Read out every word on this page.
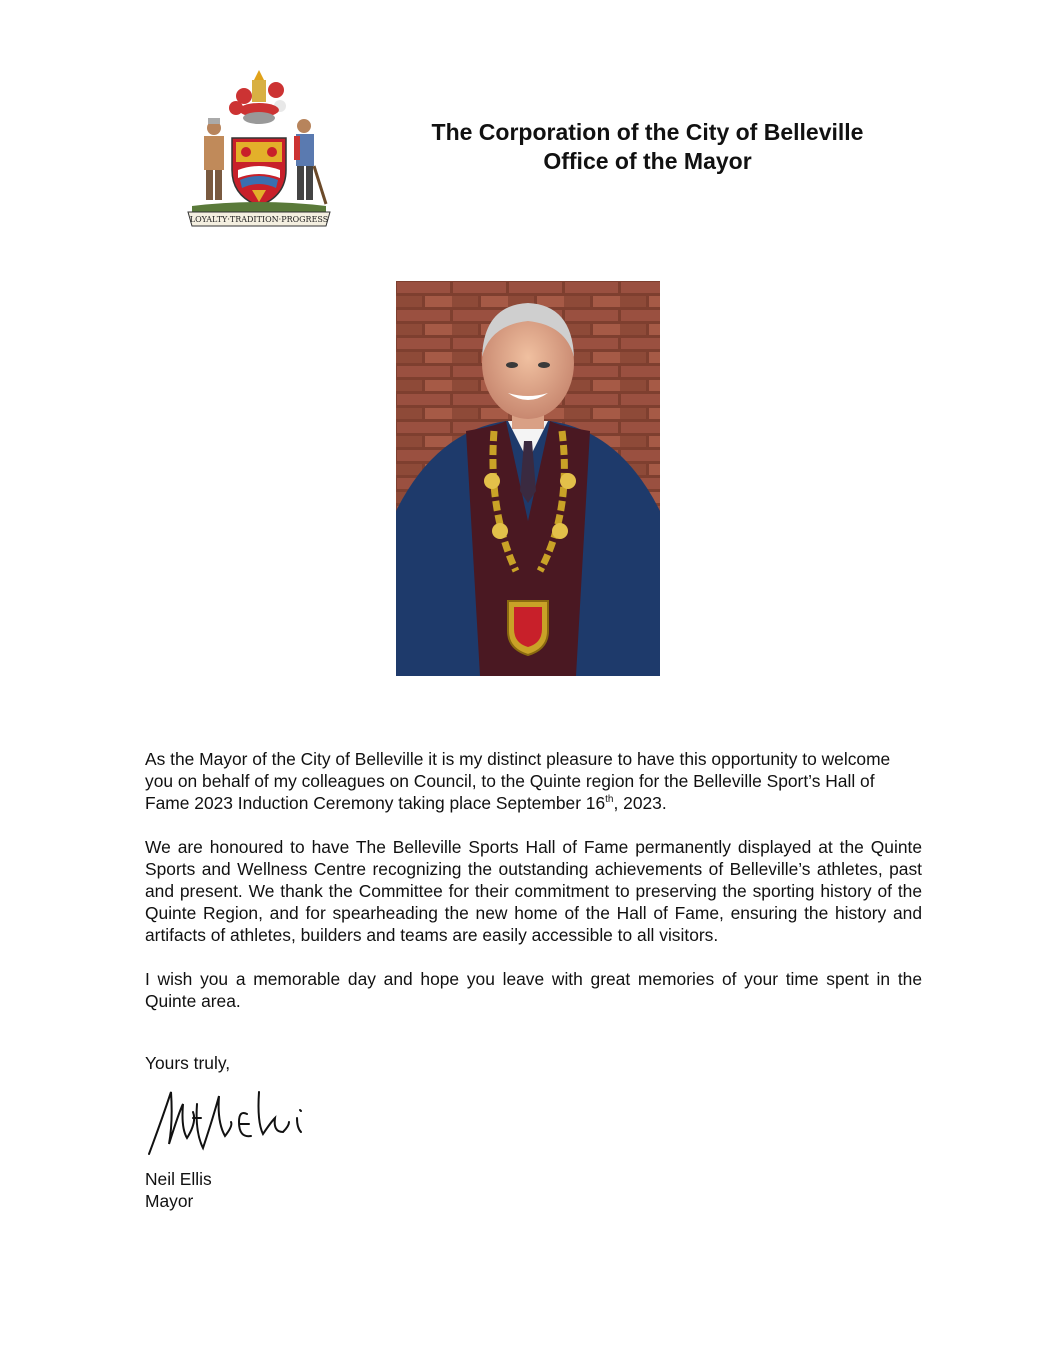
LOYALTY·TRADITION·PROGRESS
The Corporation of the City of Belleville
Office of the Mayor

As the Mayor of the City of Belleville it is my distinct pleasure to have this opportunity to welcome you on behalf of my colleagues on Council, to the Quinte region for the Belleville Sport’s Hall of Fame 2023 Induction Ceremony taking place September 16th, 2023.

We are honoured to have The Belleville Sports Hall of Fame permanently displayed at the Quinte Sports and Wellness Centre recognizing the outstanding achievements of Belleville’s athletes, past and present. We thank the Committee for their commitment to preserving the sporting history of the Quinte Region, and for spearheading the new home of the Hall of Fame, ensuring the history and artifacts of athletes, builders and teams are easily accessible to all visitors.

I wish you a memorable day and hope you leave with great memories of your time spent in the Quinte area.

Yours truly,
Neil Ellis
Mayor
